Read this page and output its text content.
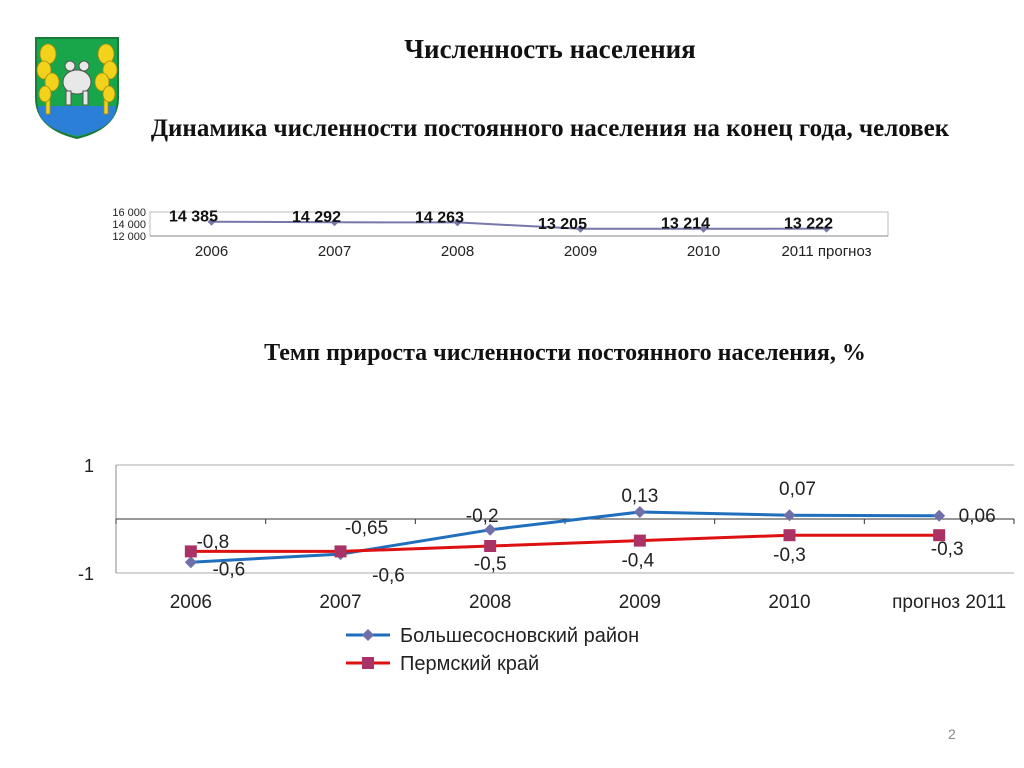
Численность населения
Динамика численности постоянного населения на конец года, человек
Темп прироста численности постоянного населения, %
16 000
14 000
12 000
2006	2007	2008	2009	2010	2011 прогноз
14 385	14 292	14 263	13 205	13 214	13 222
1
-1
2006	2007	2008	2009	2010	прогноз 2011
-0,8
-0,65
-0,2
0,13	0,07
0,06
-0,6	-0,6
-0,5	-0,4	-0,3	-0,3
Большесосновский район
Пермский край
2
